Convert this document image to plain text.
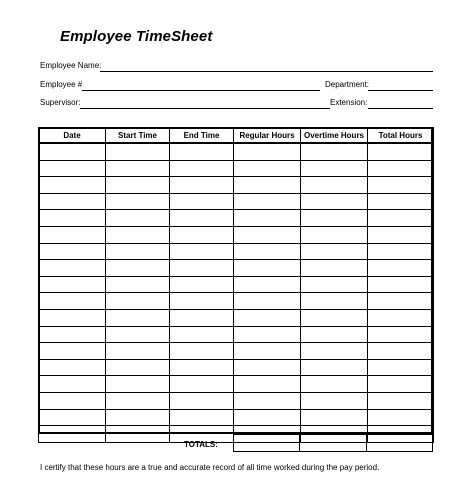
Employee TimeSheet
Employee Name:
Employee #	Department:
Supervisor:	Extension:
Date	Start Time	End Time	Regular Hours	Overtime Hours	Total Hours

TOTALS:
I certify that these hours are a true and accurate record of all time worked during the pay period.
